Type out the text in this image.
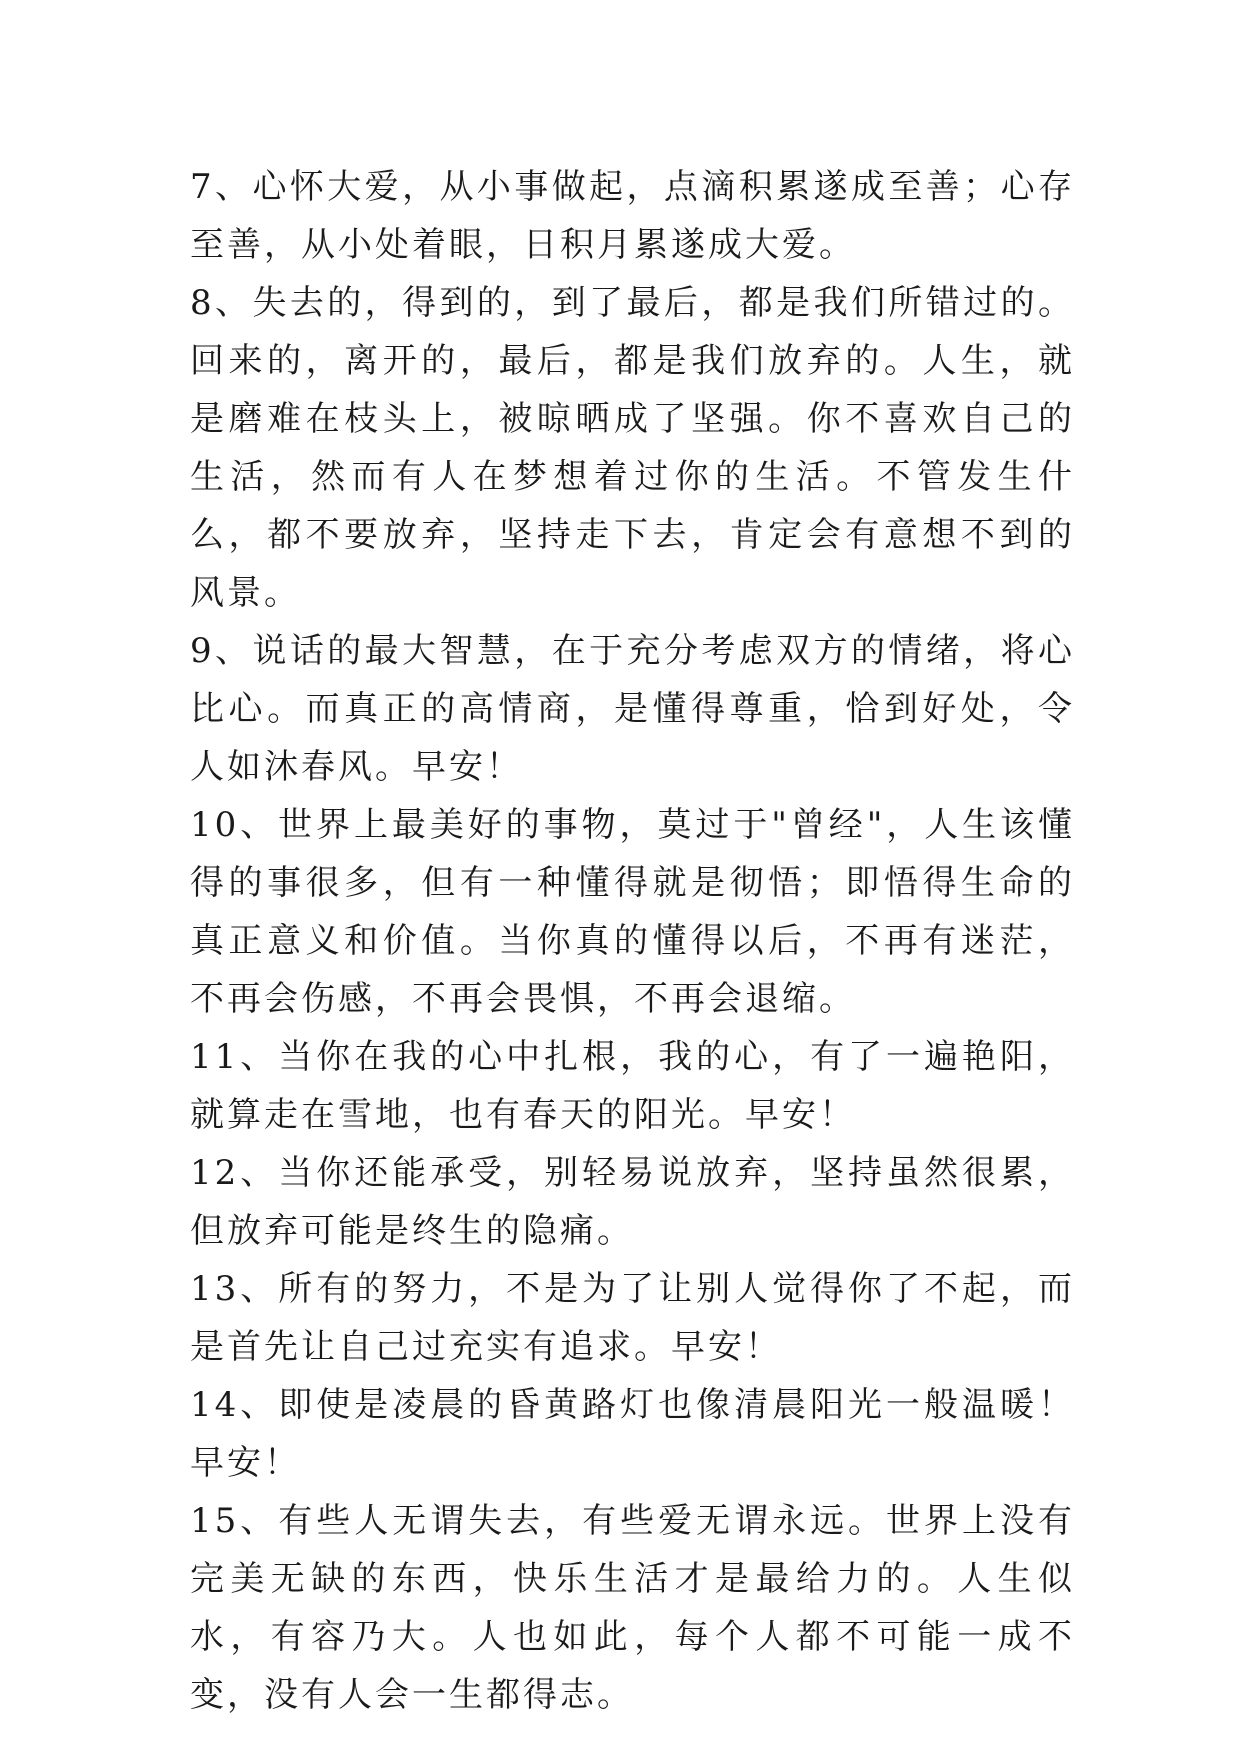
7、心怀大爱，从小事做起，点滴积累遂成至善；心存至善，从小处着眼，日积月累遂成大爱。

8、失去的，得到的，到了最后，都是我们所错过的。回来的，离开的，最后，都是我们放弃的。人生，就是磨难在枝头上，被晾晒成了坚强。你不喜欢自己的生活，然而有人在梦想着过你的生活。不管发生什么，都不要放弃，坚持走下去，肯定会有意想不到的风景。

9、说话的最大智慧，在于充分考虑双方的情绪，将心比心。而真正的高情商，是懂得尊重，恰到好处，令人如沐春风。早安！

10、世界上最美好的事物，莫过于"曾经"，人生该懂得的事很多，但有一种懂得就是彻悟；即悟得生命的真正意义和价值。当你真的懂得以后，不再有迷茫，不再会伤感，不再会畏惧，不再会退缩。

11、当你在我的心中扎根，我的心，有了一遍艳阳，就算走在雪地，也有春天的阳光。早安！

12、当你还能承受，别轻易说放弃，坚持虽然很累，但放弃可能是终生的隐痛。

13、所有的努力，不是为了让别人觉得你了不起，而是首先让自己过充实有追求。早安！

14、即使是凌晨的昏黄路灯也像清晨阳光一般温暖！早安！

15、有些人无谓失去，有些爱无谓永远。世界上没有完美无缺的东西，快乐生活才是最给力的。人生似水，有容乃大。人也如此，每个人都不可能一成不变，没有人会一生都得志。
